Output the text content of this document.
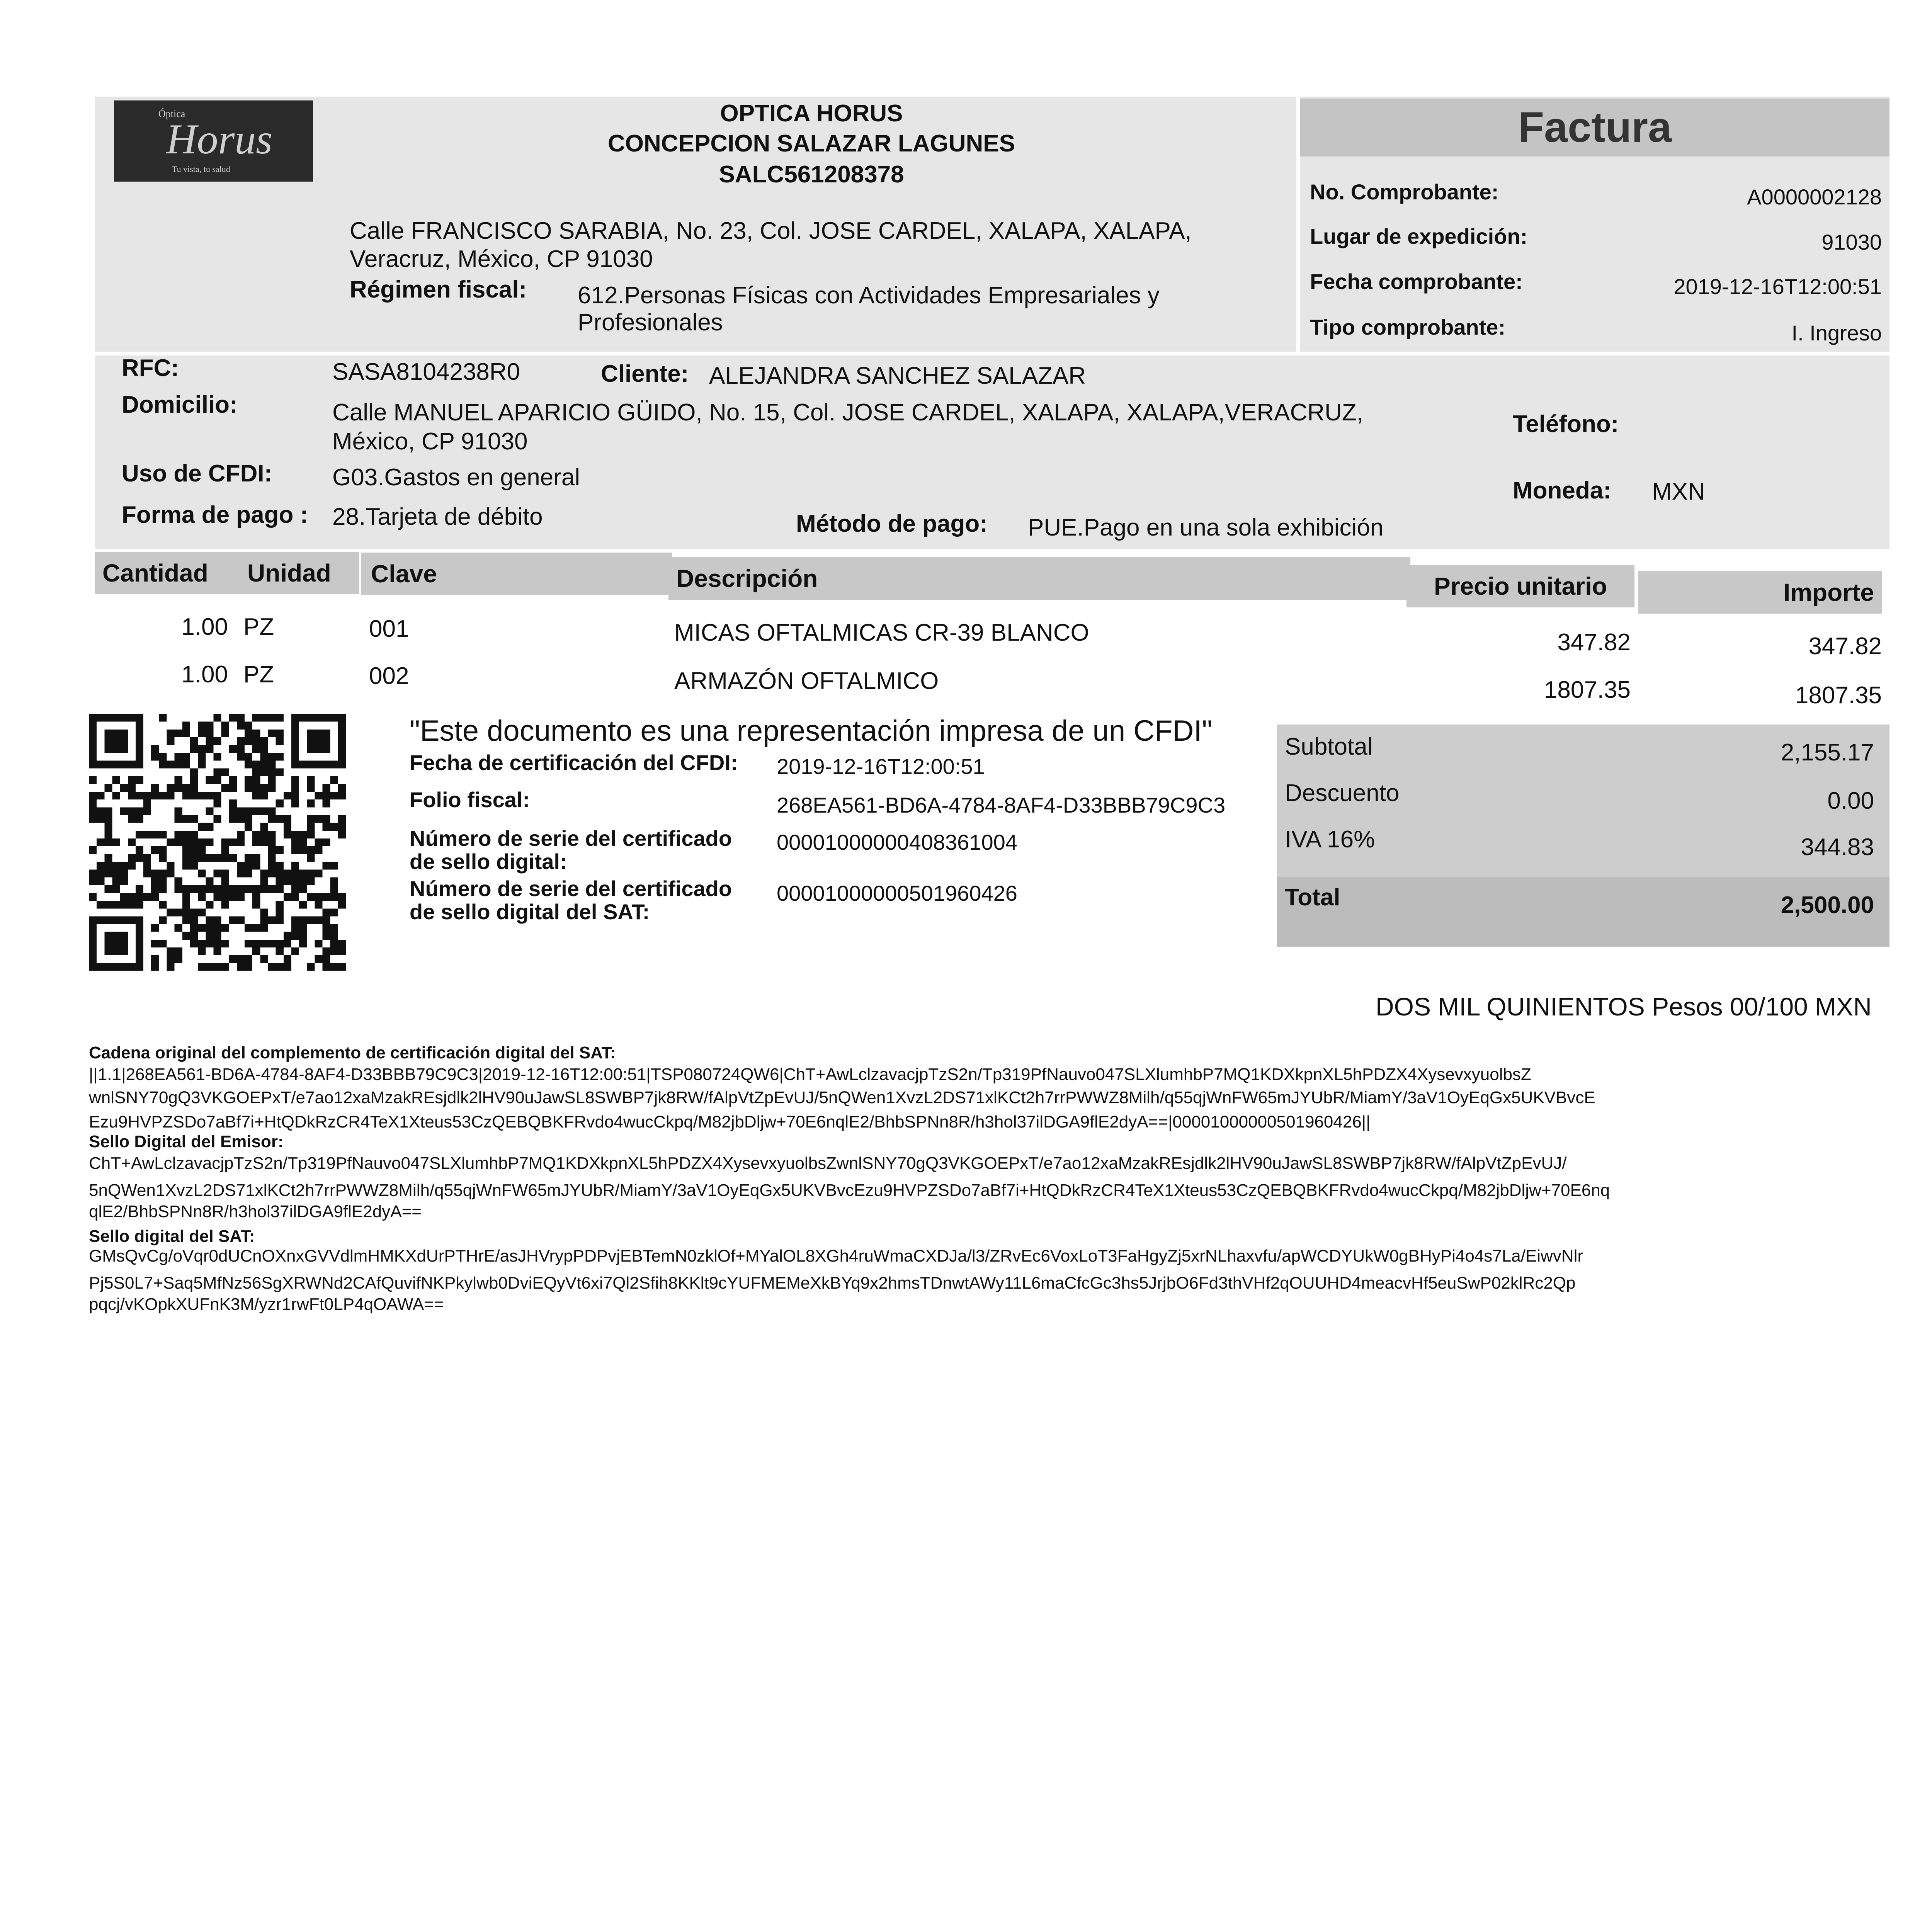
Óptica
Horus
Tu vista, tu salud
OPTICA HORUS
CONCEPCION SALAZAR LAGUNES
SALC561208378
Calle FRANCISCO SARABIA, No. 23, Col. JOSE CARDEL, XALAPA, XALAPA,
Veracruz, México, CP 91030
Régimen fiscal: 612.Personas Físicas con Actividades Empresariales y
Profesionales
Factura
No. Comprobante:	A0000002128
Lugar de expedición:	91030
Fecha comprobante:	2019-12-16T12:00:51
Tipo comprobante:	I. Ingreso
RFC:	SASA8104238R0	Cliente: ALEJANDRA SANCHEZ SALAZAR
Domicilio:	Calle MANUEL APARICIO GÜIDO, No. 15, Col. JOSE CARDEL, XALAPA, XALAPA,VERACRUZ,
México, CP 91030
Teléfono:
Uso de CFDI:	G03.Gastos en general	Moneda: MXN
Forma de pago : 28.Tarjeta de débito	Método de pago: PUE.Pago en una sola exhibición
Cantidad	Unidad	Clave	Descripción	Precio unitario	Importe
1.00 PZ	001	MICAS OFTALMICAS CR-39 BLANCO	347.82	347.82
1.00 PZ	002	ARMAZÓN OFTALMICO	1807.35	1807.35
"Este documento es una representación impresa de un CFDI"
Fecha de certificación del CFDI: 2019-12-16T12:00:51
Folio fiscal:	268EA561-BD6A-4784-8AF4-D33BBB79C9C3
Número de serie del certificado
de sello digital:
00001000000408361004
Número de serie del certificado
de sello digital del SAT:
00001000000501960426
Subtotal	2,155.17
Descuento	0.00
IVA 16%	344.83
Total	2,500.00
DOS MIL QUINIENTOS Pesos 00/100 MXN
Cadena original del complemento de certificación digital del SAT:
||1.1|268EA561-BD6A-4784-8AF4-D33BBB79C9C3|2019-12-16T12:00:51|TSP080724QW6|ChT+AwLclzavacjpTzS2n/Tp319PfNauvo047SLXlumhbP7MQ1KDXkpnXL5hPDZX4XysevxyuolbsZ
wnlSNY70gQ3VKGOEPxT/e7ao12xaMzakREsjdlk2lHV90uJawSL8SWBP7jk8RW/fAlpVtZpEvUJ/5nQWen1XvzL2DS71xlKCt2h7rrPWWZ8Milh/q55qjWnFW65mJYUbR/MiamY/3aV1OyEqGx5UKVBvcE
Ezu9HVPZSDo7aBf7i+HtQDkRzCR4TeX1Xteus53CzQEBQBKFRvdo4wucCkpq/M82jbDljw+70E6nqlE2/BhbSPNn8R/h3hol37ilDGA9flE2dyA==|00001000000501960426||
Sello Digital del Emisor:
ChT+AwLclzavacjpTzS2n/Tp319PfNauvo047SLXlumhbP7MQ1KDXkpnXL5hPDZX4XysevxyuolbsZwnlSNY70gQ3VKGOEPxT/e7ao12xaMzakREsjdlk2lHV90uJawSL8SWBP7jk8RW/fAlpVtZpEvUJ/
5nQWen1XvzL2DS71xlKCt2h7rrPWWZ8Milh/q55qjWnFW65mJYUbR/MiamY/3aV1OyEqGx5UKVBvcEzu9HVPZSDo7aBf7i+HtQDkRzCR4TeX1Xteus53CzQEBQBKFRvdo4wucCkpq/M82jbDljw+70E6nq
qlE2/BhbSPNn8R/h3hol37ilDGA9flE2dyA==
Sello digital del SAT:
GMsQvCg/oVqr0dUCnOXnxGVVdlmHMKXdUrPTHrE/asJHVrypPDPvjEBTemN0zklOf+MYalOL8XGh4ruWmaCXDJa/l3/ZRvEc6VoxLoT3FaHgyZj5xrNLhaxvfu/apWCDYUkW0gBHyPi4o4s7La/EiwvNlr
Pj5S0L7+Saq5MfNz56SgXRWNd2CAfQuvifNKPkylwb0DviEQyVt6xi7Ql2Sfih8KKlt9cYUFMEMeXkBYq9x2hmsTDnwtAWy11L6maCfcGc3hs5JrjbO6Fd3thVHf2qOUUHD4meacvHf5euSwP02klRc2Qp
pqcj/vKOpkXUFnK3M/yzr1rwFt0LP4qOAWA==
